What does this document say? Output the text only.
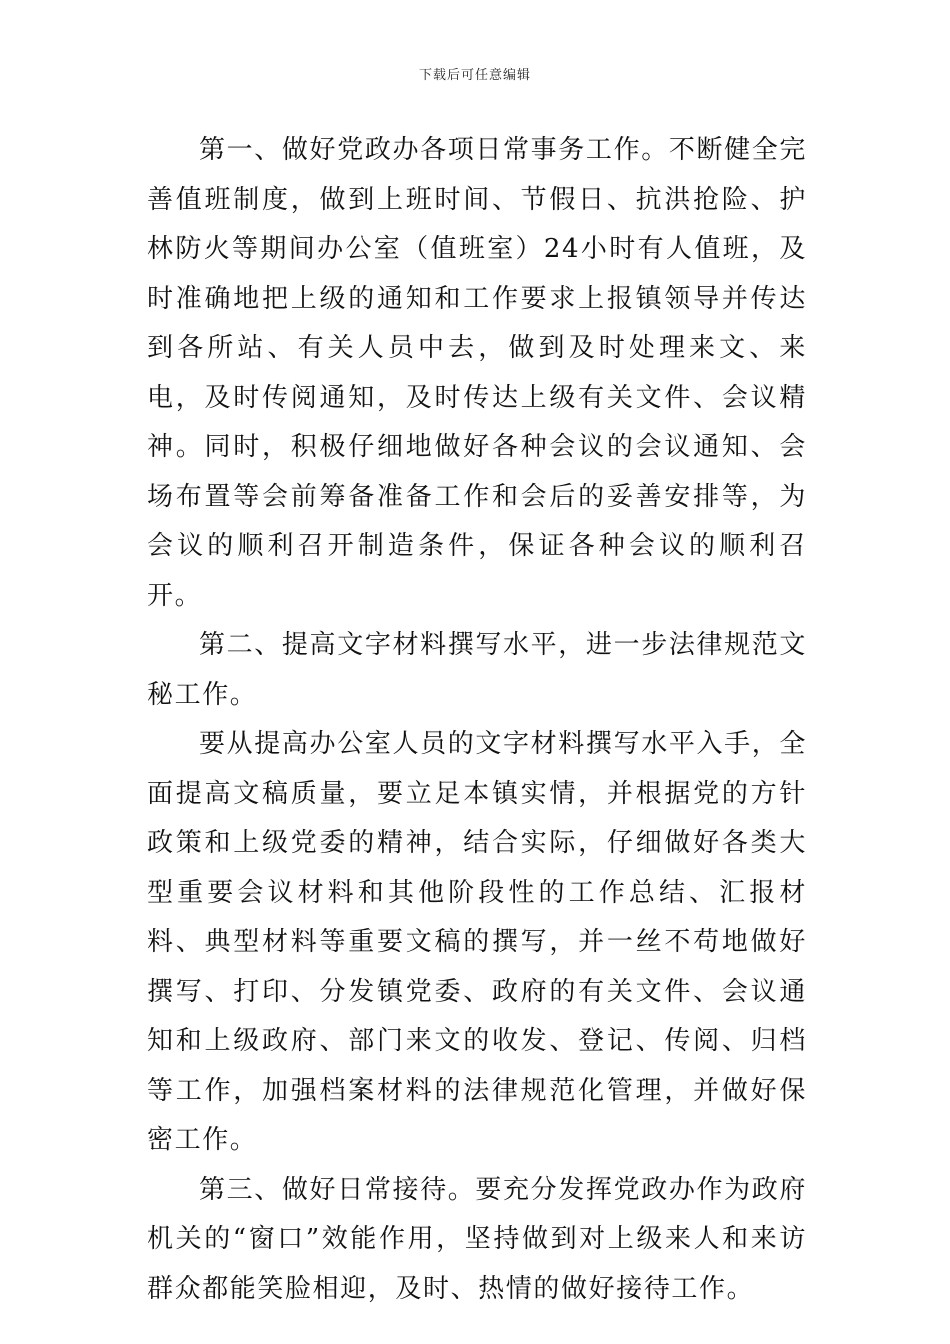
下载后可任意编辑

第一、做好党政办各项日常事务工作。不断健全完善值班制度，做到上班时间、节假日、抗洪抢险、护林防火等期间办公室（值班室）24小时有人值班，及时准确地把上级的通知和工作要求上报镇领导并传达到各所站、有关人员中去，做到及时处理来文、来电，及时传阅通知，及时传达上级有关文件、会议精神。同时，积极仔细地做好各种会议的会议通知、会场布置等会前筹备准备工作和会后的妥善安排等，为会议的顺利召开制造条件，保证各种会议的顺利召开。

第二、提高文字材料撰写水平，进一步法律规范文秘工作。

要从提高办公室人员的文字材料撰写水平入手，全面提高文稿质量，要立足本镇实情，并根据党的方针政策和上级党委的精神，结合实际，仔细做好各类大型重要会议材料和其他阶段性的工作总结、汇报材料、典型材料等重要文稿的撰写，并一丝不苟地做好撰写、打印、分发镇党委、政府的有关文件、会议通知和上级政府、部门来文的收发、登记、传阅、归档等工作，加强档案材料的法律规范化管理，并做好保密工作。

第三、做好日常接待。要充分发挥党政办作为政府机关的“窗口”效能作用，坚持做到对上级来人和来访群众都能笑脸相迎，及时、热情的做好接待工作。
